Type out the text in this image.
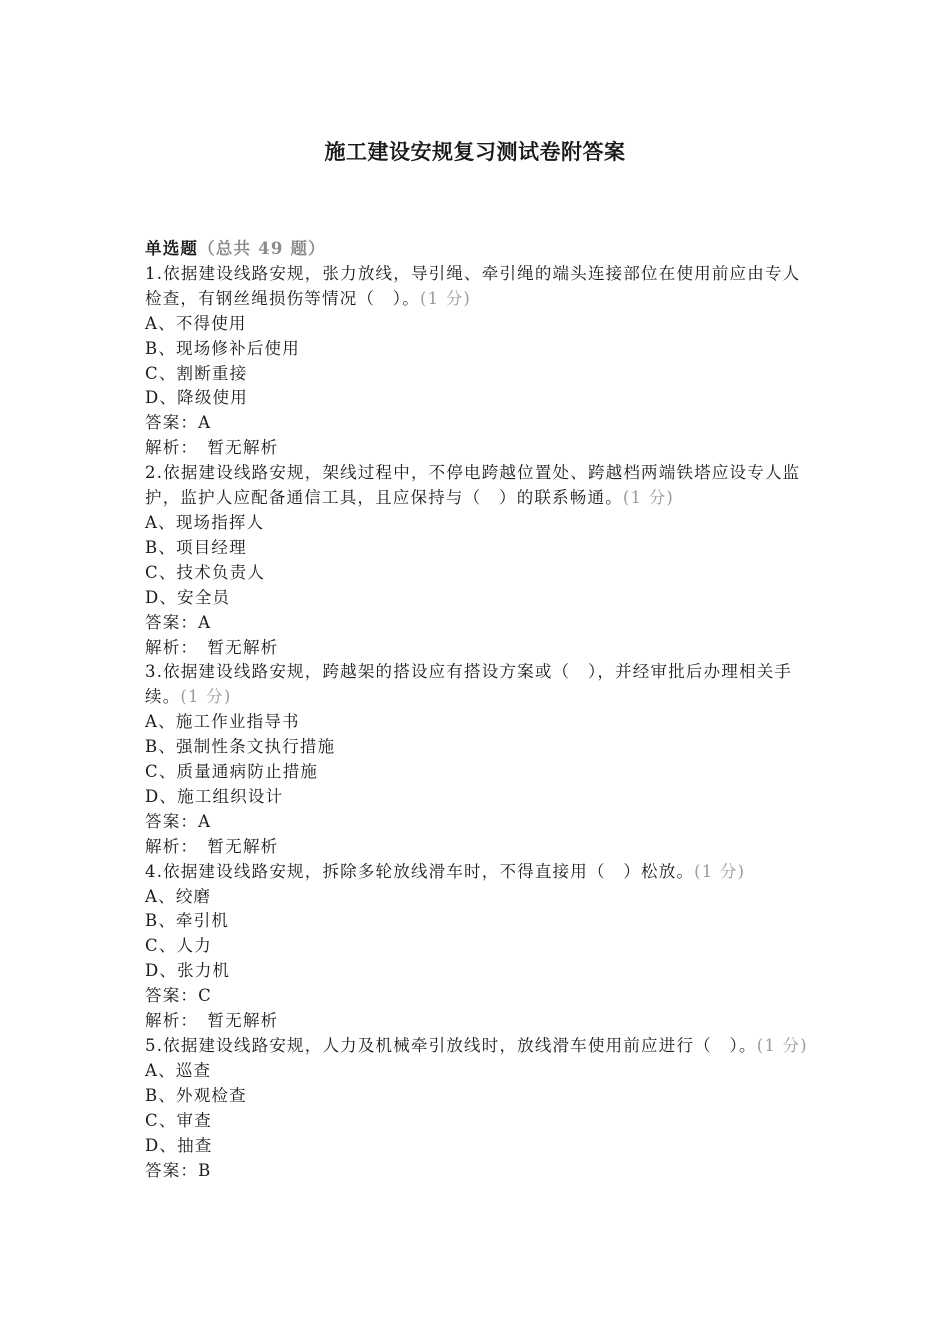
施工建设安规复习测试卷附答案
单选题（总共 49 题）
1.依据建设线路安规，张力放线，导引绳、牵引绳的端头连接部位在使用前应由专人检查，有钢丝绳损伤等情况（　）。(1 分)
A、不得使用
B、现场修补后使用
C、割断重接
D、降级使用
答案：A
解析：　暂无解析
2.依据建设线路安规，架线过程中，不停电跨越位置处、跨越档两端铁塔应设专人监护，监护人应配备通信工具，且应保持与（　）的联系畅通。(1 分)
A、现场指挥人
B、项目经理
C、技术负责人
D、安全员
答案：A
解析：　暂无解析
3.依据建设线路安规，跨越架的搭设应有搭设方案或（　），并经审批后办理相关手续。(1 分)
A、施工作业指导书
B、强制性条文执行措施
C、质量通病防止措施
D、施工组织设计
答案：A
解析：　暂无解析
4.依据建设线路安规，拆除多轮放线滑车时，不得直接用（　）松放。(1 分)
A、绞磨
B、牵引机
C、人力
D、张力机
答案：C
解析：　暂无解析
5.依据建设线路安规，人力及机械牵引放线时，放线滑车使用前应进行（　）。(1 分)
A、巡查
B、外观检查
C、审查
D、抽查
答案：B
